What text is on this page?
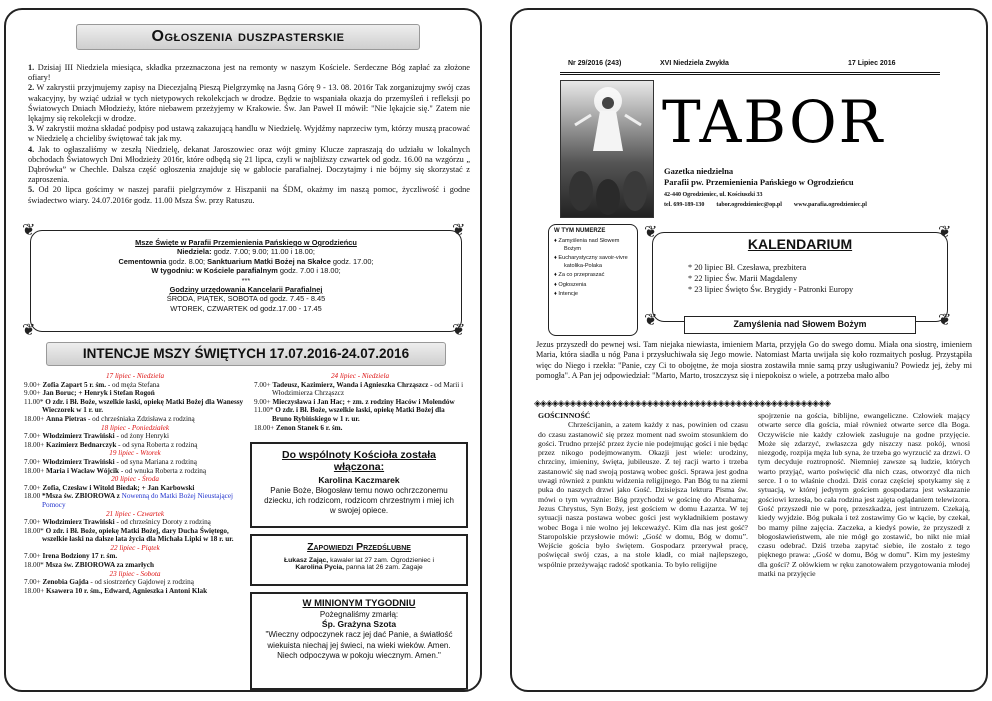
Ogłoszenia duszpasterskie

1. Dzisiaj III Niedziela miesiąca, składka przeznaczona jest na remonty w naszym Kościele. Serdeczne Bóg zapłać za złożone ofiary!

2. W zakrystii przyjmujemy zapisy na Diecezjalną Pieszą Pielgrzymkę na Jasną Górę 9 - 13. 08. 2016r Tak zorganizujmy swój czas wakacyjny, by wziąć udział w tych nietypowych rekolekcjach w drodze. Będzie to wspaniała okazja do przemyśleń i refleksji po Światowych Dniach Młodzieży, które niebawem przeżyjemy w Krakowie. Św. Jan Paweł II mówił: "Nie lękajcie się." Zatem nie lękajmy się rekolekcji w drodze.

3. W zakrystii można składać podpisy pod ustawą zakazującą handlu w Niedzielę. Wyjdźmy naprzeciw tym, którzy muszą pracować w Niedzielę a chcieliby świętować tak jak my.

4. Jak to ogłaszaliśmy w zeszłą Niedzielę, dekanat Jaroszowiec oraz wójt gminy Klucze zapraszają do udziału w lokalnych obchodach Światowych Dni Młodzieży 2016r, które odbędą się 21 lipca, czyli w najbliższy czwartek od godz. 16.00 na wzgórzu „ Dąbrówka” w Chechle. Dalsza część ogłoszenia znajduje się w gablocie parafialnej. Doczytajmy i nie bójmy się skorzystać z zaproszenia.

5. Od 20 lipca gościmy w naszej parafii pielgrzymów z Hiszpanii na ŚDM, okażmy im naszą pomoc, życzliwość i godne świadectwo wiary. 24.07.2016r godz. 11.00 Msza Św. przy Ratuszu.

❦	❦
❦	❦
Msze Święte w Parafii Przemienienia Pańskiego w Ogrodzieńcu
Niedziela: godz. 7.00; 9.00; 11.00 i 18.00;
Cementownia godz. 8.00; Sanktuarium Matki Bożej na Skałce godz. 17.00;
W tygodniu: w Kościele parafialnym godz. 7.00 i 18.00;
***
Godziny urzędowania Kancelarii Parafialnej
ŚRODA, PIĄTEK, SOBOTA od godz. 7.45 - 8.45
WTOREK, CZWARTEK od godz.17.00 - 17.45
INTENCJE MSZY ŚWIĘTYCH 17.07.2016-24.07.2016
17 lipiec - Niedziela
9.00+ Zofia Zapart 5 r. śm. - od męża Stefana
9.00+ Jan Boruc; + Henryk i Stefan Rogoń
11.00* O zdr. i Bł. Boże, wszelkie łaski, opiekę Matki Bożej dla Wanessy Wieczorek w 1 r. ur.
18.00+ Anna Pietras - od chrześniaka Zdzisława z rodziną
18 lipiec - Poniedziałek
7.00+ Włodzimierz Trawiński - od żony Henryki
18.00+ Kazimierz Bednarczyk - od syna Roberta z rodziną
19 lipiec - Wtorek
7.00+ Włodzimierz Trawiński - od syna Mariana z rodziną
18.00+ Maria i Wacław Wójcik - od wnuka Roberta z rodziną
20 lipiec - Środa
7.00+ Zofia, Czesław i Witold Biedak; + Jan Karbowski
18.00 *Msza św. ZBIOROWA z Nowenną do Matki Bożej Nieustającej Pomocy
21 lipiec - Czwartek
7.00+ Włodzimierz Trawiński - od chrześnicy Doroty z rodziną
18.00* O zdr. i Bł. Boże, opiekę Matki Bożej, dary Ducha Świętego, wszelkie łaski na dalsze lata życia dla Michała Lipki w 18 r. ur.
22 lipiec - Piątek
7.00+ Irena Bodziony 17 r. śm.
18.00* Msza św. ZBIOROWA za zmarłych
23 lipiec - Sobota
7.00+ Zenobia Gajda - od siostrzeńcy Gajdowej z rodziną
18.00+ Ksawera 10 r. śm., Edward, Agnieszka i Antoni Klak
24 lipiec - Niedziela
7.00+ Tadeusz, Kazimierz, Wanda i Agnieszka Chrząszcz - od Marii i Włodzimierza Chrząszcz
9.00+ Mieczysława i Jan Hac; + zm. z rodziny Haców i Molendów
11.00* O zdr. i Bł. Boże, wszelkie łaski, opiekę Matki Bożej dla Bruno Rybińskiego w 1 r. ur.
18.00+ Zenon Stanek 6 r. śm.
Do wspólnoty Kościoła została włączona:
Karolina Kaczmarek
Panie Boże, Błogosław temu nowo ochrzczonemu dziecku, ich rodzicom, rodzicom chrzestnym i miej ich w swojej opiece.
Zapowiedzi Przedślubne
Łukasz Zając, kawaler lat 27 zam. Ogrodzieniec i
Karolina Pycia, panna lat 26 zam. Zagaje
W MINIONYM TYGODNIU
Pożegnaliśmy zmarłą:
Śp. Grażyna Szota
"Wieczny odpoczynek racz jej dać Panie, a światłość wiekuista niechaj jej świeci, na wieki wieków. Amen. Niech odpoczywa w pokoju wiecznym. Amen."
Nr 29/2016 (243)	XVI Niedziela Zwykła	17 Lipiec 2016
TABOR
Gazetka niedzielna
Parafii pw. Przemienienia Pańskiego w Ogrodzieńcu
42-440 Ogrodzieniec, ul. Kościuszki 33
tel. 699-189-130        tabor.ogrodzieniec@op.pl        www.parafia.ogrodzieniec.pl
W TYM NUMERZE
♦ Zamyślenia nad Słowem Bożym
♦ Eucharystyczny savoir-vivre katolika-Polaka
♦ Za co przepraszać
♦ Ogłoszenia
♦ Intencje
❦	❦
❦	❦
KALENDARIUM
* 20 lipiec Bł. Czesława, prezbitera
* 22 lipiec Św. Marii Magdaleny
* 23 lipiec Święto Św. Brygidy - Patronki Europy
Zamyślenia nad Słowem Bożym
Jezus przyszedł do pewnej wsi. Tam niejaka niewiasta, imieniem Marta, przyjęła Go do swego domu. Miała ona siostrę, imieniem Maria, która siadła u nóg Pana i przysłuchiwała się Jego mowie. Natomiast Marta uwijała się koło rozmaitych posług. Przystąpiła więc do Niego i rzekła: "Panie, czy Ci to obojętne, że moja siostra zostawiła mnie samą przy usługiwaniu? Powiedz jej, żeby mi pomogła". A Pan jej odpowiedział: "Marto, Marto, troszczysz się i niepokoisz o wiele, a potrzeba mało albo
◈◈◈◈◈◈◈◈◈◈◈◈◈◈◈◈◈◈◈◈◈◈◈◈◈◈◈◈◈◈◈◈◈◈◈◈◈◈◈◈◈◈◈◈◈◈◈◈◈◈
GOŚCINNOŚĆ
Chrześcijanin, a zatem każdy z nas, powinien od czasu do czasu zastanowić się przez moment nad swoim stosunkiem do gości. Trudno przejść przez życie nie podejmując gości i nie będąc przez nikogo podejmowanym. Okazji jest wiele: urodziny, chrzciny, imieniny, święta, jubileusze. Z tej racji warto i trzeba zastanowić się nad swoją postawą wobec gości. Sprawa jest godna uwagi również z punktu widzenia religijnego. Pan Bóg tu na ziemi puka do naszych drzwi jako Gość. Dzisiejsza lektura Pisma św. mówi o tym wyraźnie: Bóg przychodzi w gościnę do Abrahama; Jezus Chrystus, Syn Boży, jest gościem w domu Łazarza. W tej sytuacji nasza postawa wobec gości jest wykładnikiem postawy wobec Boga i nie wolno jej lekceważyć. Kim dla nas jest gość? Staropolskie przysłowie mówi: „Gość w domu, Bóg w domu”. Wejście gościa było świętem. Gospodarz przerywał pracę, poświęcał swój czas, a na stole kładł, co miał najlepszego, wspólnie przeżywając radość spotkania. To było religijne
spojrzenie na gościa, biblijne, ewangeliczne. Człowiek mający otwarte serce dla gościa, miał również otwarte serce dla Boga. Oczywiście nie każdy człowiek zasługuje na godne przyjęcie. Może się zdarzyć, zwłaszcza gdy niszczy nasz pokój, wnosi niezgodę, rozpija męża lub syna, że trzeba go wyrzucić za drzwi. O tym decyduje roztropność. Niemniej zawsze są ludzie, których warto przyjąć, warto poświęcić dla nich czas, otworzyć dla nich serce. I o to właśnie chodzi. Dziś coraz częściej spotykamy się z sytuacją, w której jedynym gościem gospodarza jest wskazanie gościowi krzesła, bo cała rodzina jest zajęta oglądaniem telewizora. Gość przyszedł nie w porę, przeszkadza, jest intruzem. Czekają, kiedy wyjdzie. Bóg pukała i też zostawimy Go w kącie, by czekał, bo mamy pilne zajęcia. Zaczeka, a kiedyś powie, że przyszedł z błogosławieństwem, ale nie mógł go zostawić, bo nikt nie miał czasu odebrać. Dziś trzeba zapytać siebie, ile zostało z tego pięknego prawa: „Gość w domu, Bóg w domu”. Kim my jesteśmy dla gości? Z ołówkiem w ręku zanotowałem przygotowania młodej matki na przyjęcie
